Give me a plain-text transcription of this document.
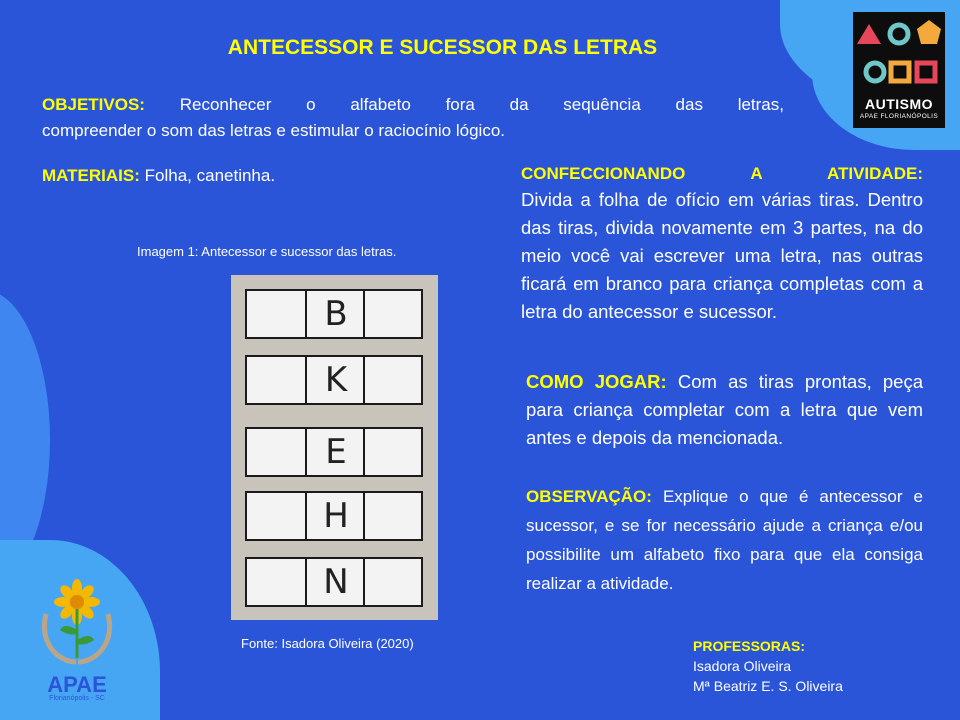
ANTECESSOR E SUCESSOR DAS LETRAS
OBJETIVOS: Reconhecer o alfabeto fora da sequência das letras,
compreender o som das letras e estimular o raciocínio lógico.
MATERIAIS: Folha, canetinha.
Imagem 1: Antecessor e sucessor das letras.
B
K
E
H
N
Fonte: Isadora Oliveira (2020)
CONFECCIONANDO A ATIVIDADE:
Divida a folha de ofício em várias tiras. Dentro das tiras, divida novamente em 3 partes, na do meio você vai escrever uma letra, nas outras ficará em branco para criança completas com a letra do antecessor e sucessor.
COMO JOGAR: Com as tiras prontas, peça para criança completar com a letra que vem antes e depois da mencionada.
OBSERVAÇÃO: Explique o que é antecessor e sucessor, e se for necessário ajude a criança e/ou possibilite um alfabeto fixo para que ela consiga realizar a atividade.
PROFESSORAS:
Isadora Oliveira
Mª Beatriz E. S. Oliveira
AUTISMO
APAE FLORIANÓPOLIS
APAE
Florianópolis - SC
